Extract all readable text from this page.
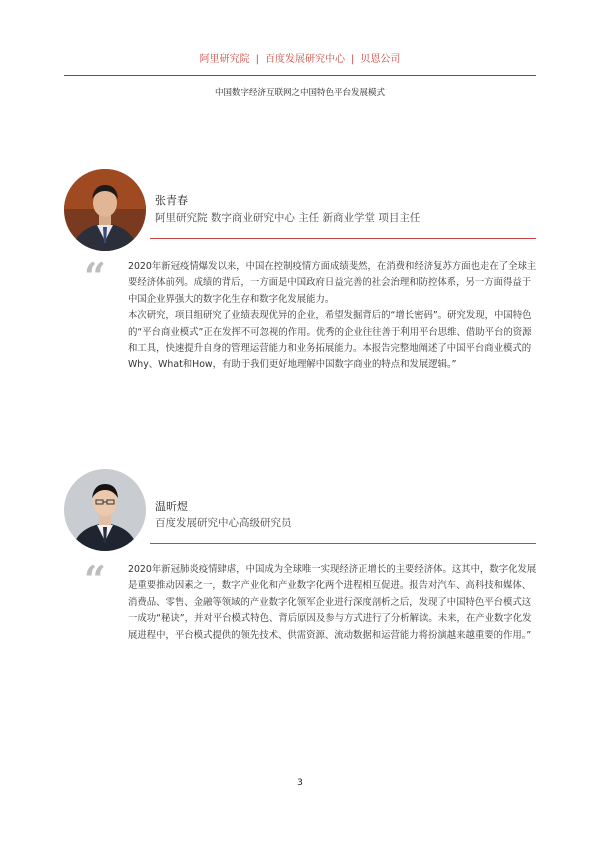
阿里研究院 | 百度发展研究中心 | 贝恩公司
中国数字经济互联网之中国特色平台发展模式
张青春
阿里研究院 数字商业研究中心 主任 新商业学堂 项目主任
“ 2020年新冠疫情爆发以来，中国在控制疫情方面成绩斐然，在消费和经济复苏方面也走在了全球主要经济体前列。成绩的背后，一方面是中国政府日益完善的社会治理和防控体系，另一方面得益于中国企业界强大的数字化生存和数字化发展能力。

本次研究，项目组研究了业绩表现优异的企业，希望发掘背后的“增长密码”。研究发现，中国特色的“平台商业模式”正在发挥不可忽视的作用。优秀的企业往往善于利用平台思维、借助平台的资源和工具，快速提升自身的管理运营能力和业务拓展能力。本报告完整地阐述了中国平台商业模式的Why、What和How，有助于我们更好地理解中国数字商业的特点和发展逻辑。”

温昕煜
百度发展研究中心高级研究员
“ 2020年新冠肺炎疫情肆虐，中国成为全球唯一实现经济正增长的主要经济体。这其中，数字化发展是重要推动因素之一，数字产业化和产业数字化两个进程相互促进。报告对汽车、高科技和媒体、消费品、零售、金融等领域的产业数字化领军企业进行深度剖析之后，发现了中国特色平台模式这一成功“秘诀”，并对平台模式特色、背后原因及参与方式进行了分析解读。未来，在产业数字化发展进程中，平台模式提供的领先技术、供需资源、流动数据和运营能力将扮演越来越重要的作用。”

3
